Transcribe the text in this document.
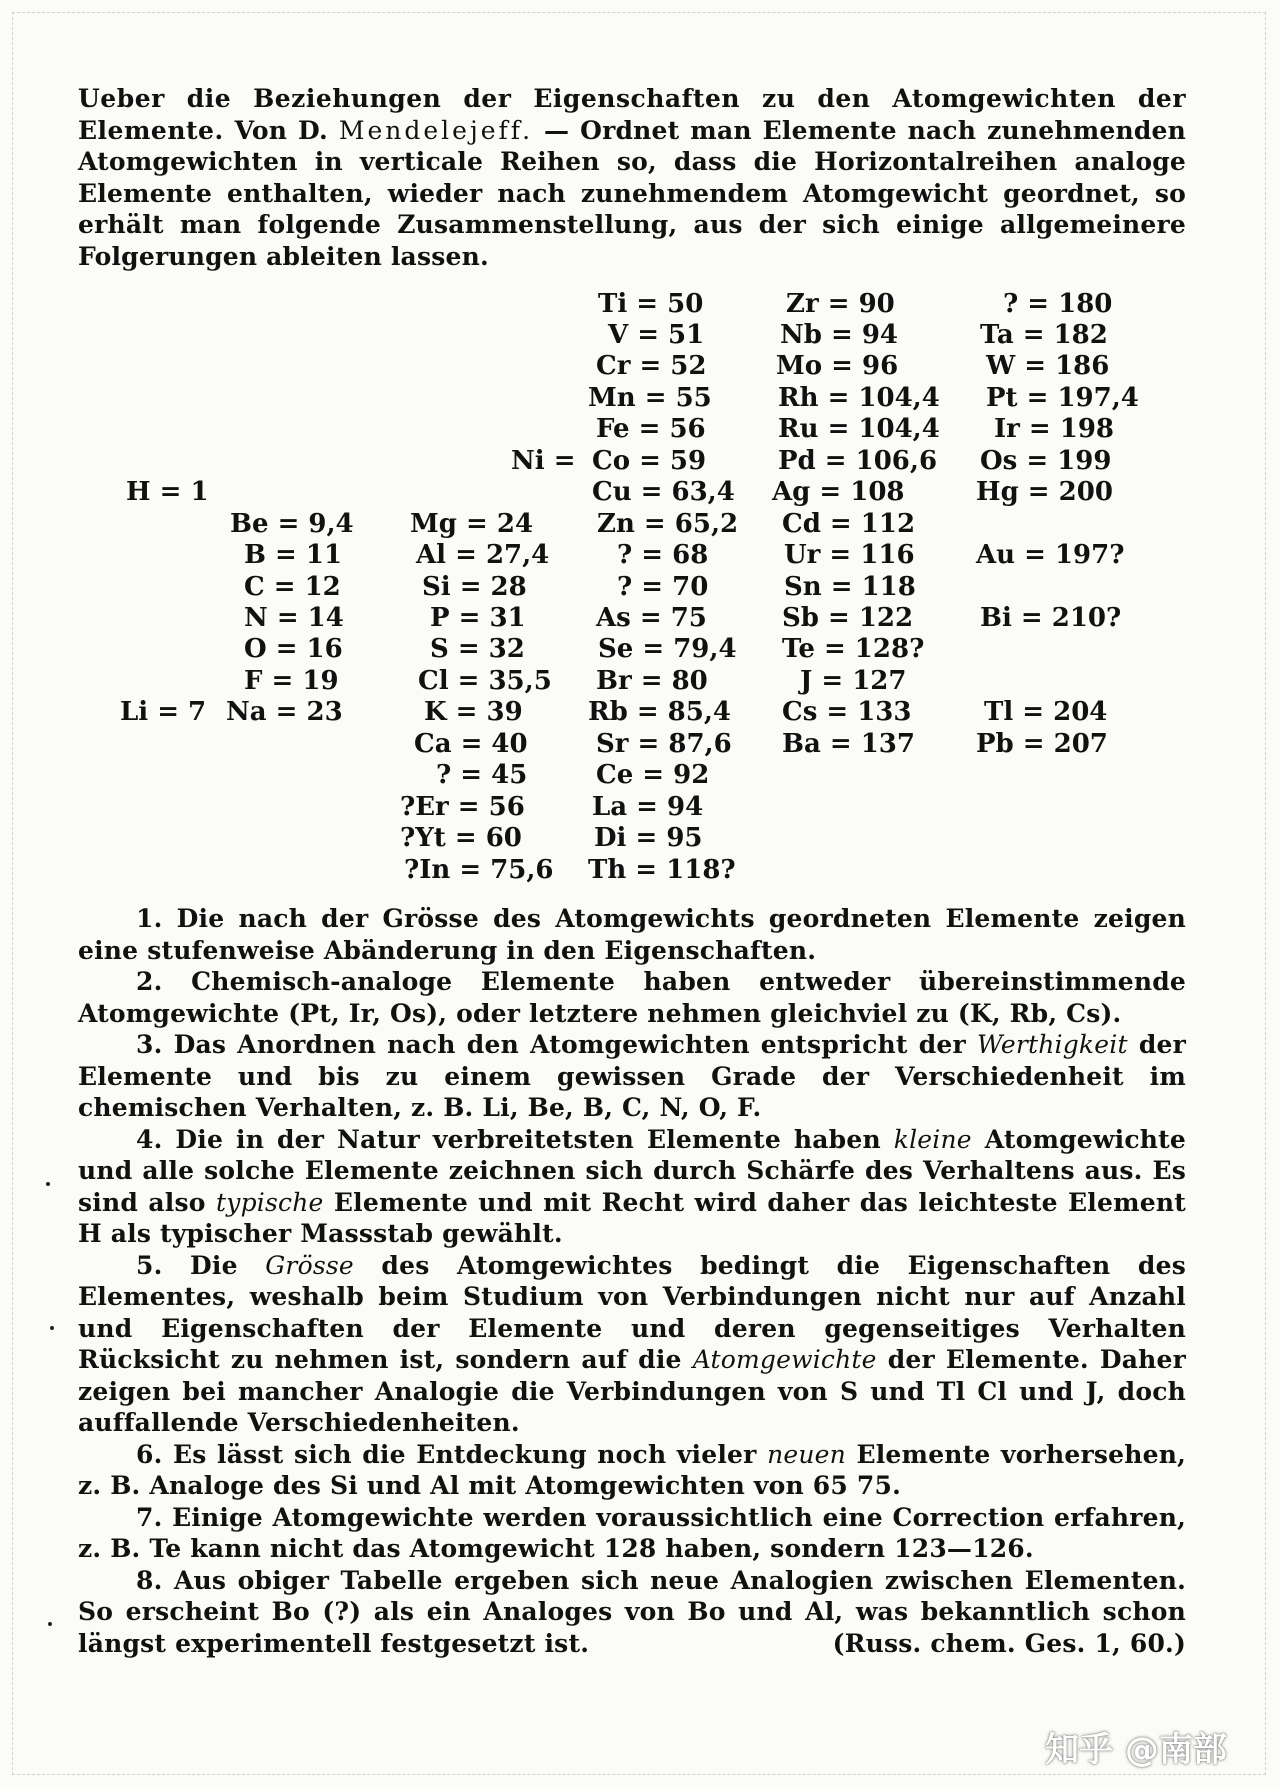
Ueber die Beziehungen der Eigenschaften zu den Atomgewichten der Elemente. Von D. Mendelejeff. — Ordnet man Elemente nach zunehmenden Atomgewichten in verticale Reihen so, dass die Horizontalreihen analoge Elemente enthalten, wieder nach zunehmendem Atomgewicht geordnet, so erhält man folgende Zusammenstellung, aus der sich einige allgemeinere Folgerungen ableiten lassen.
Ti = 50
V = 51
Cr = 52
Mn = 55
Fe = 56
Ni = Co = 59
Cu = 63,4
Zn = 65,2
? = 68
? = 70
As = 75
Se = 79,4
Br = 80
Rb = 85,4
Sr = 87,6
Ce = 92
La = 94
Di = 95
Th = 118?
Zr = 90
Nb = 94
Mo = 96
Rh = 104,4
Ru = 104,4
Pd = 106,6
Ag = 108
Cd = 112
Ur = 116
Sn = 118
Sb = 122
Te = 128?
J = 127
Cs = 133
Ba = 137
? = 180
Ta = 182
W = 186
Pt = 197,4
Ir = 198
Os = 199
Hg = 200
Au = 197?
Bi = 210?
Tl = 204
Pb = 207
H = 1
Li = 7
Be = 9,4
B = 11
C = 12
N = 14
O = 16
F = 19
Na = 23
Mg = 24
Al = 27,4
Si = 28
P = 31
S = 32
Cl = 35,5
K = 39
Ca = 40
? = 45
?Er = 56
?Yt = 60
?In = 75,6

1. Die nach der Grösse des Atomgewichts geordneten Elemente zeigen eine stufenweise Abänderung in den Eigenschaften.

2. Chemisch-analoge Elemente haben entweder übereinstimmende Atomgewichte (Pt, Ir, Os), oder letztere nehmen gleichviel zu (K, Rb, Cs).

3. Das Anordnen nach den Atomgewichten entspricht der Werthigkeit der Elemente und bis zu einem gewissen Grade der Verschiedenheit im chemischen Verhalten, z. B. Li, Be, B, C, N, O, F.

4. Die in der Natur verbreitetsten Elemente haben kleine Atomgewichte und alle solche Elemente zeichnen sich durch Schärfe des Verhaltens aus. Es sind also typische Elemente und mit Recht wird daher das leichteste Element H als typischer Massstab gewählt.

5. Die Grösse des Atomgewichtes bedingt die Eigenschaften des Elementes, weshalb beim Studium von Verbindungen nicht nur auf Anzahl und Eigenschaften der Elemente und deren gegenseitiges Verhalten Rücksicht zu nehmen ist, sondern auf die Atomgewichte der Elemente. Daher zeigen bei mancher Analogie die Verbindungen von S und Tl Cl und J, doch auffallende Verschiedenheiten.

6. Es lässt sich die Entdeckung noch vieler neuen Elemente vorhersehen, z. B. Analoge des Si und Al mit Atomgewichten von 65 75.

7. Einige Atomgewichte werden voraussichtlich eine Correction erfahren, z. B. Te kann nicht das Atomgewicht 128 haben, sondern 123—126.

8. Aus obiger Tabelle ergeben sich neue Analogien zwischen Elementen. So erscheint Bo (?) als ein Analoges von Bo und Al, was bekanntlich schon längst experimentell festgesetzt ist.	(Russ. chem. Ges. 1, 60.)

知乎 @南部
